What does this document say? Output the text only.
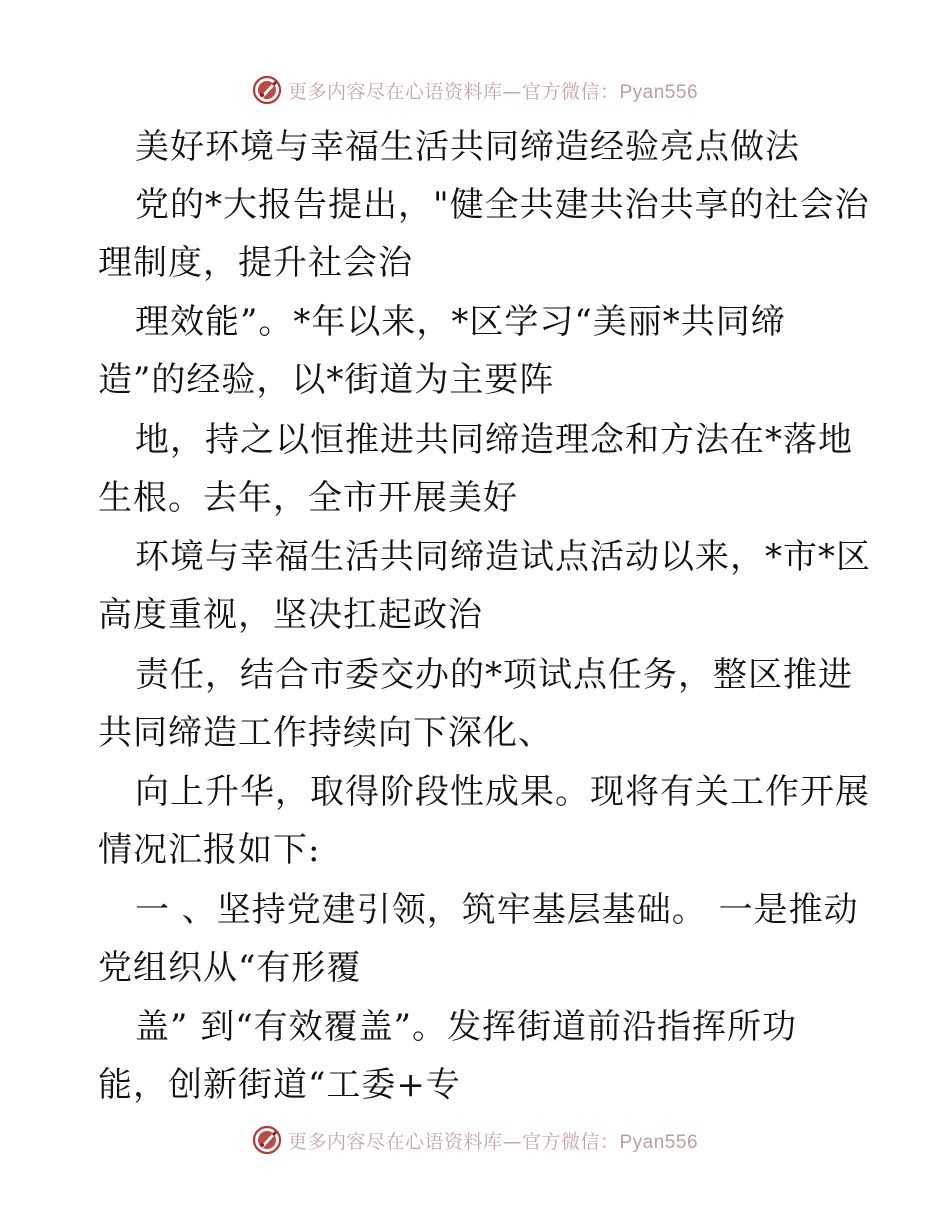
更多内容尽在心语资料库—官方微信：Pyan556
美好环境与幸福生活共同缔造经验亮点做法
党的*大报告提出，"健全共建共治共享的社会治
理制度，提升社会治
理效能”。*年以来，*区学习“美丽*共同缔
造”的经验，以*街道为主要阵
地，持之以恒推进共同缔造理念和方法在*落地
生根。去年，全市开展美好
环境与幸福生活共同缔造试点活动以来，*市*区
高度重视，坚决扛起政治
责任，结合市委交办的*项试点任务，整区推进
共同缔造工作持续向下深化、
向上升华，取得阶段性成果。现将有关工作开展
情况汇报如下:
一 、坚持党建引领，筑牢基层基础。 一是推动
党组织从“有形覆
盖” 到“有效覆盖”。发挥街道前沿指挥所功
能，创新街道“工委+专
更多内容尽在心语资料库—官方微信：Pyan556
